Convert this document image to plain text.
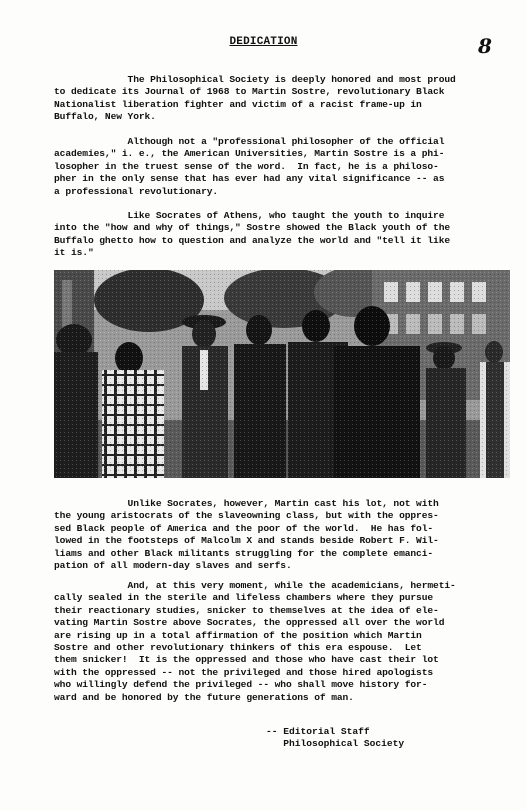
DEDICATION	8
The Philosophical Society is deeply honored and most proud
to dedicate its Journal of 1968 to Martin Sostre, revolutionary Black
Nationalist liberation fighter and victim of a racist frame-up in
Buffalo, New York.
Although not a "professional philosopher of the official
academies," i. e., the American Universities, Martin Sostre is a phi-
losopher in the truest sense of the word.  In fact, he is a philoso-
pher in the only sense that has ever had any vital significance -- as
a professional revolutionary.
Like Socrates of Athens, who taught the youth to inquire
into the "how and why of things," Sostre showed the Black youth of the
Buffalo ghetto how to question and analyze the world and "tell it like
it is."
Unlike Socrates, however, Martin cast his lot, not with
the young aristocrats of the slaveowning class, but with the oppres-
sed Black people of America and the poor of the world.  He has fol-
lowed in the footsteps of Malcolm X and stands beside Robert F. Wil-
liams and other Black militants struggling for the complete emanci-
pation of all modern-day slaves and serfs.
And, at this very moment, while the academicians, hermeti-
cally sealed in the sterile and lifeless chambers where they pursue
their reactionary studies, snicker to themselves at the idea of ele-
vating Martin Sostre above Socrates, the oppressed all over the world
are rising up in a total affirmation of the position which Martin
Sostre and other revolutionary thinkers of this era espouse.  Let
them snicker!  It is the oppressed and those who have cast their lot
with the oppressed -- not the privileged and those hired apologists
who willingly defend the privileged -- who shall move history for-
ward and be honored by the future generations of man.
-- Editorial Staff
Philosophical Society
